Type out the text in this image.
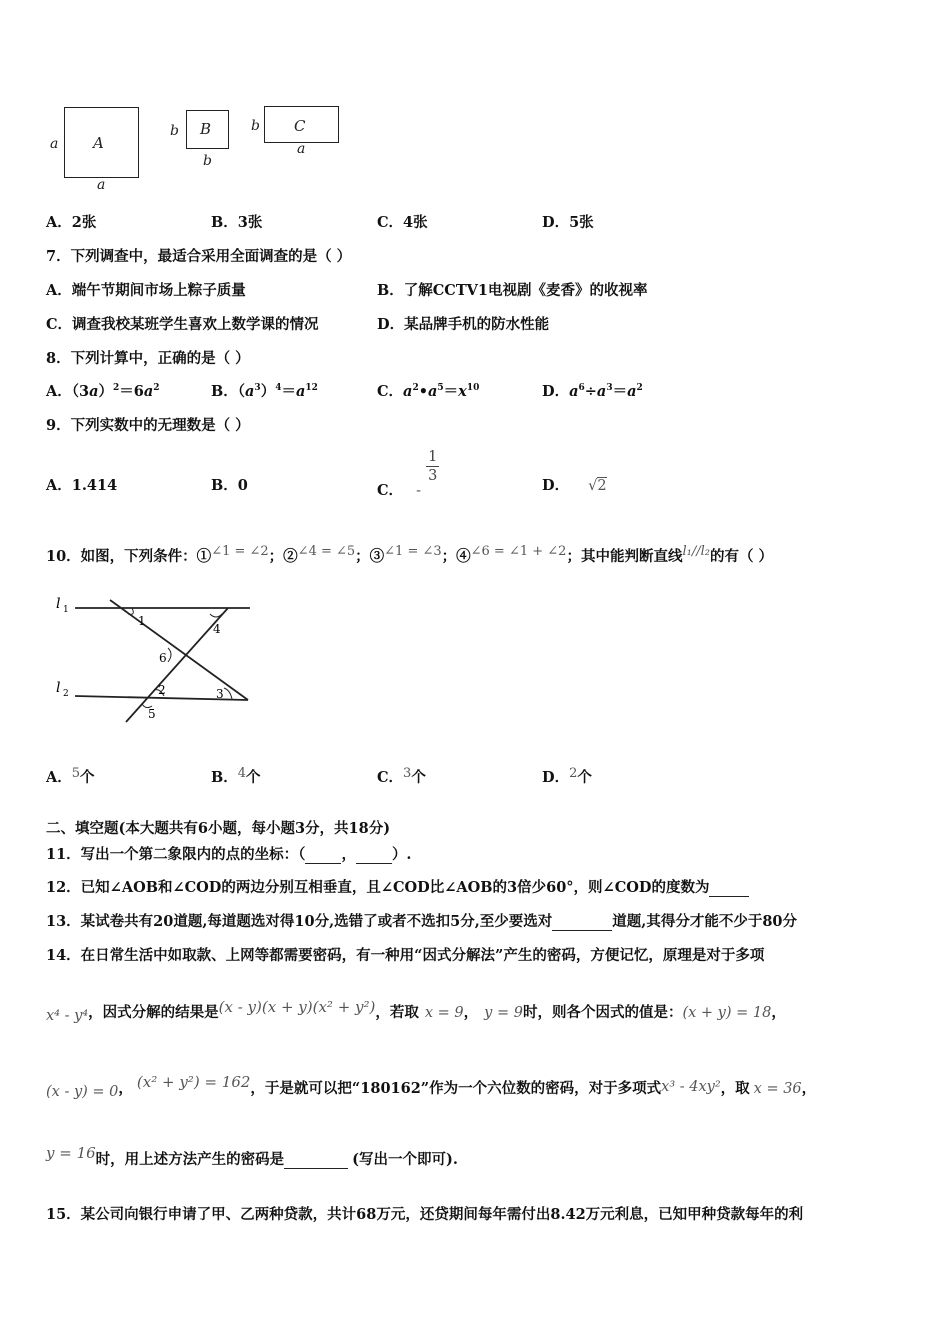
A
a
a
B
b
b
C
b
a
A．2张	B．3张	C．4张	D．5张
7．下列调查中，最适合采用全面调查的是（ ）
A．端午节期间市场上粽子质量	B．了解CCTV1电视剧《麦香》的收视率
C．调查我校某班学生喜欢上数学课的情况	D．某品牌手机的防水性能
8．下列计算中，正确的是（ ）
A．$(3a)^2=6a^2$	B．$(a^3)^4=a^{12}$	C．$a^2•a^5=x^{10}$	D．$a^6\div a^3=a^2$
9．下列实数中的无理数是（ ）
A．1.414	B．0	C． -
$\frac{1}{3}$
D． √2
10．如图，下列条件：①∠1 = ∠2；②∠4 = ∠5；③∠1 = ∠3；④∠6 = ∠1 + ∠2；其中能判断直线l₁//l₂的有（ ）
l 1
l 2
1
4
6
2	3
5
A．5个	B．4个	C．3个	D．2个
二、填空题(本大题共有6小题，每小题3分，共18分)
11．写出一个第二象限内的点的坐标：（ ， ）.
12．已知∠AOB和∠COD的两边分别互相垂直，且∠COD比∠AOB的3倍少60°，则∠COD的度数为
13．某试卷共有20道题,每道题选对得10分,选错了或者不选扣5分,至少要选对	道题,其得分才能不少于80分
14．在日常生活中如取款、上网等都需要密码，有一种用“因式分解法”产生的密码，方便记忆，原理是对于多项
x⁴ - y⁴，因式分解的结果是(x - y)(x + y)(x² + y²)，若取 x = 9， y = 9时，则各个因式的值是：(x + y) = 18，
(x - y) = 0， (x² + y²) = 162，于是就可以把“180162”作为一个六位数的密码，对于多项式x³ - 4xy²，取 x = 36，
y = 16时，用上述方法产生的密码是	(写出一个即可).
15．某公司向银行申请了甲、乙两种贷款，共计68万元，还贷期间每年需付出8.42万元利息，已知甲种贷款每年的利
